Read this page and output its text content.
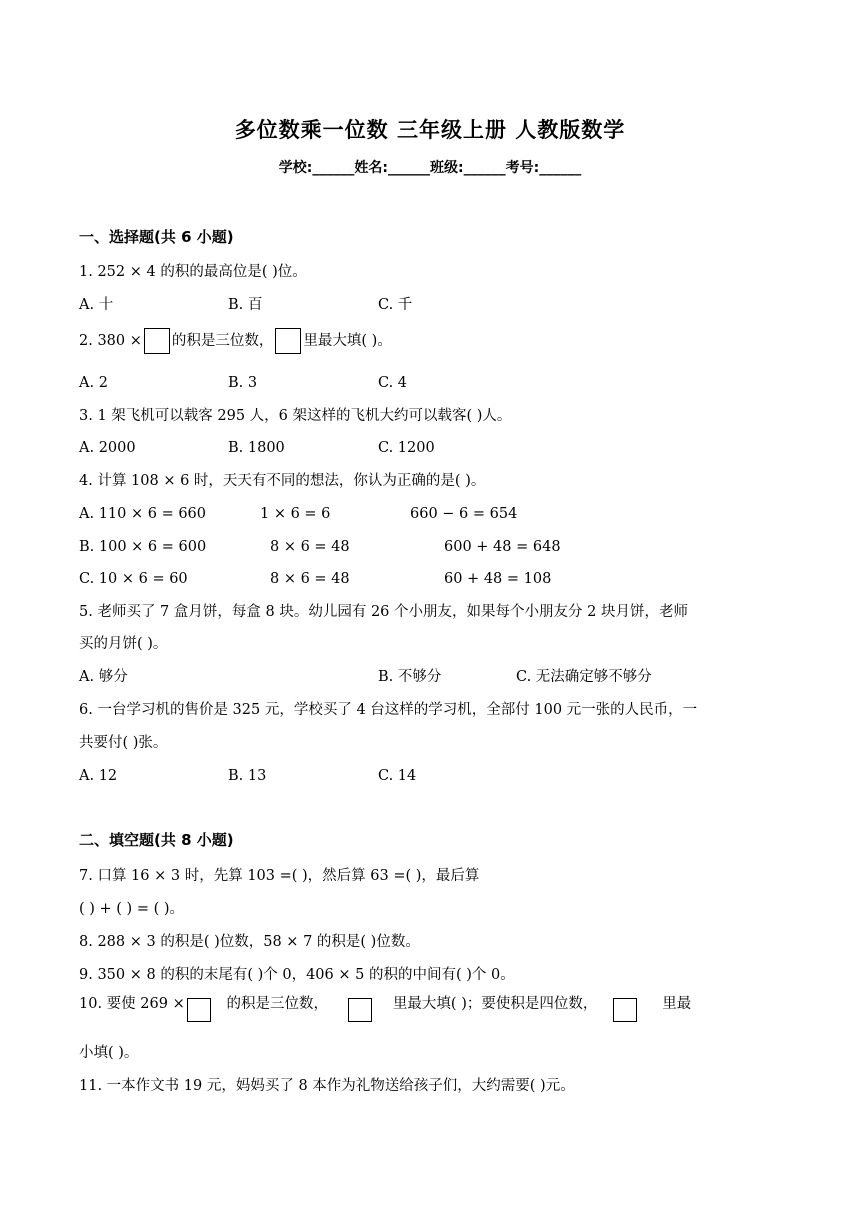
多位数乘一位数 三年级上册 人教版数学
学校:______姓名:______班级:______考号:______
一、选择题(共 6 小题)
1. 252 × 4 的积的最高位是( )位。
A. 十	B. 百	C. 千
2. 380 × 的积是三位数， 里最大填( )。
A. 2	B. 3	C. 4
3. 1 架飞机可以载客 295 人，6 架这样的飞机大约可以载客( )人。
A. 2000	B. 1800	C. 1200
4. 计算 108 × 6 时，天天有不同的想法，你认为正确的是( )。
A. 110 × 6 = 660	1 × 6 = 6	660 − 6 = 654
B. 100 × 6 = 600	8 × 6 = 48	600 + 48 = 648
C. 10 × 6 = 60	8 × 6 = 48	60 + 48 = 108
5. 老师买了 7 盒月饼，每盒 8 块。幼儿园有 26 个小朋友，如果每个小朋友分 2 块月饼，老师
买的月饼( )。
A. 够分	B. 不够分	C. 无法确定够不够分
6. 一台学习机的售价是 325 元，学校买了 4 台这样的学习机，全部付 100 元一张的人民币，一
共要付( )张。
A. 12	B. 13	C. 14
二、填空题(共 8 小题)
7. 口算 16 × 3 时，先算 103 =( )，然后算 63 =( )，最后算
( ) + ( ) = ( )。
8. 288 × 3 的积是( )位数，58 × 7 的积是( )位数。
9. 350 × 8 的积的末尾有( )个 0，406 × 5 的积的中间有( )个 0。
10. 要使 269 ×	的积是三位数，	里最大填( )；要使积是四位数，	里最
小填( )。
11. 一本作文书 19 元，妈妈买了 8 本作为礼物送给孩子们，大约需要( )元。
